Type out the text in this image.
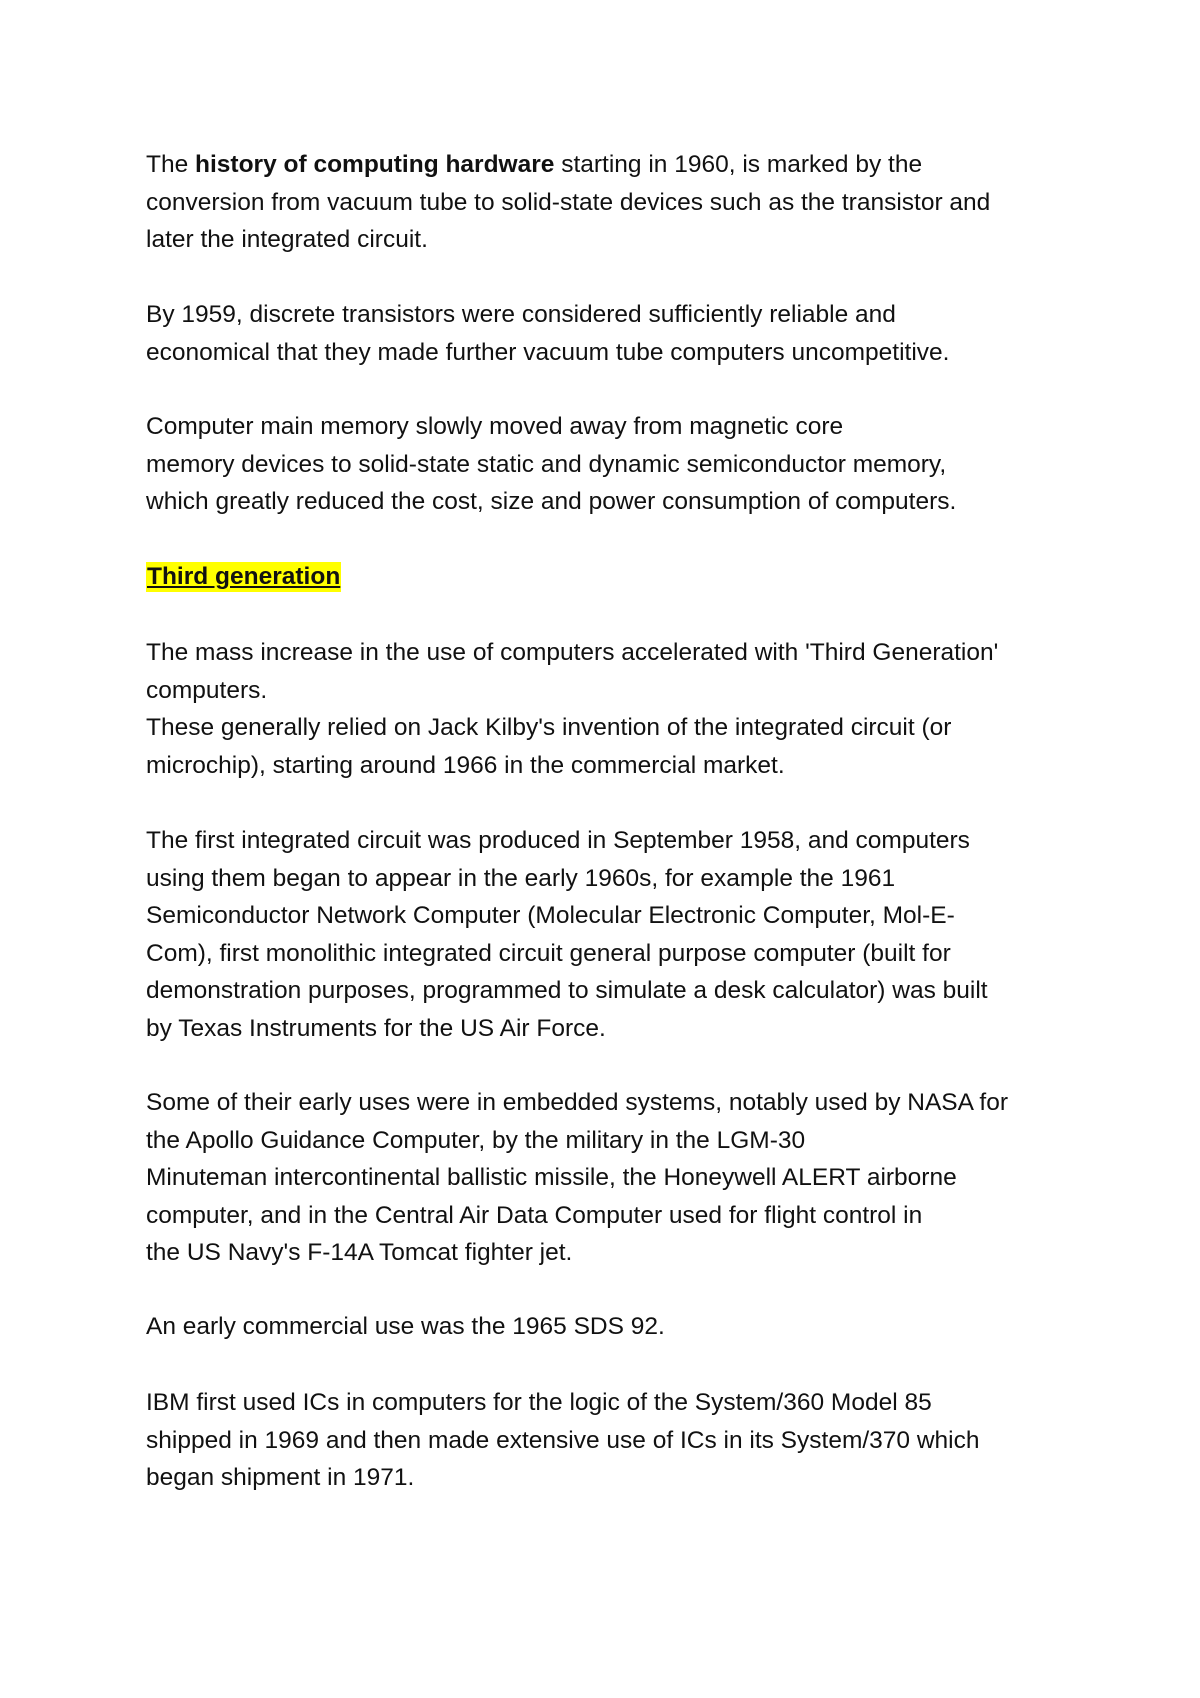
The history of computing hardware starting in 1960, is marked by the
conversion from vacuum tube to solid-state devices such as the transistor and
later the integrated circuit.

By 1959, discrete transistors were considered sufficiently reliable and
economical that they made further vacuum tube computers uncompetitive.

Computer main memory slowly moved away from magnetic core
memory devices to solid-state static and dynamic semiconductor memory,
which greatly reduced the cost, size and power consumption of computers.

Third generation

The mass increase in the use of computers accelerated with 'Third Generation'
computers.
These generally relied on Jack Kilby's invention of the integrated circuit (or
microchip), starting around 1966 in the commercial market.

The first integrated circuit was produced in September 1958, and computers
using them began to appear in the early 1960s, for example the 1961
Semiconductor Network Computer (Molecular Electronic Computer, Mol-E-
Com), first monolithic integrated circuit general purpose computer (built for
demonstration purposes, programmed to simulate a desk calculator) was built
by Texas Instruments for the US Air Force.

Some of their early uses were in embedded systems, notably used by NASA for
the Apollo Guidance Computer, by the military in the LGM-30
Minuteman intercontinental ballistic missile, the Honeywell ALERT airborne
computer, and in the Central Air Data Computer used for flight control in
the US Navy's F-14A Tomcat fighter jet.

An early commercial use was the 1965 SDS 92.

IBM first used ICs in computers for the logic of the System/360 Model 85
shipped in 1969 and then made extensive use of ICs in its System/370 which
began shipment in 1971.
